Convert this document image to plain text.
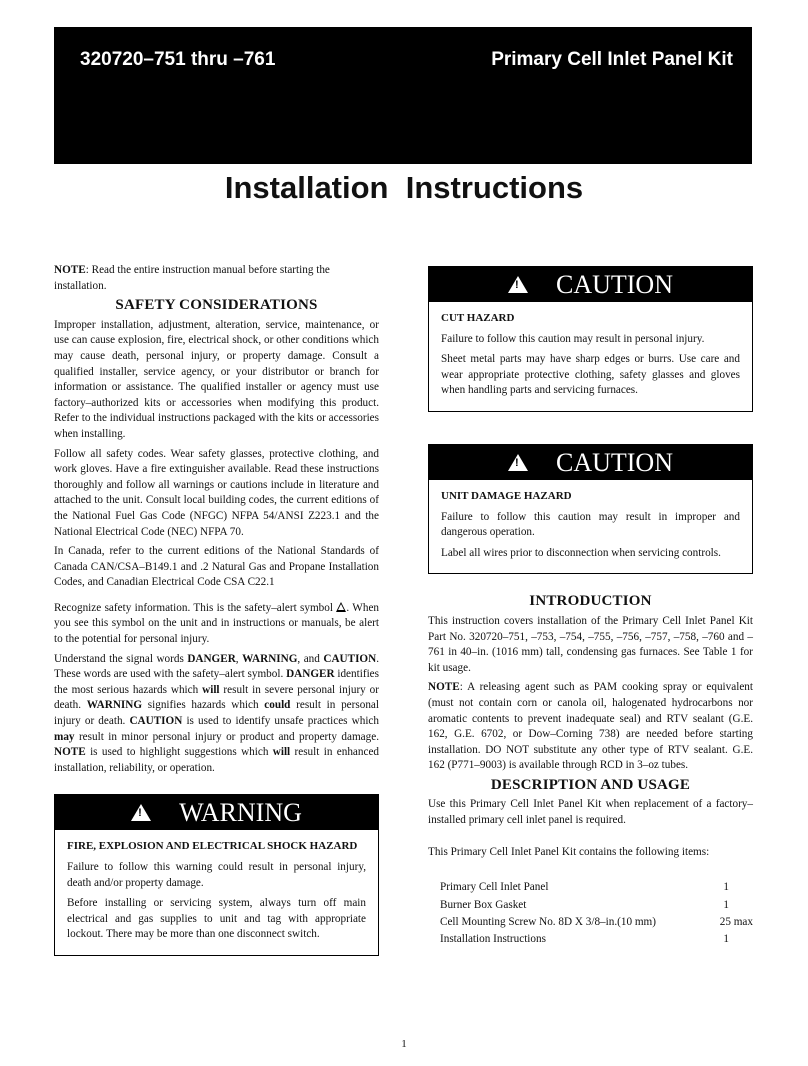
320720–751 thru –761	Primary Cell Inlet Panel Kit
Installation  Instructions

NOTE: Read the entire instruction manual before starting the installation.

SAFETY CONSIDERATIONS

Improper installation, adjustment, alteration, service, maintenance, or use can cause explosion, fire, electrical shock, or other conditions which may cause death, personal injury, or property damage. Consult a qualified installer, service agency, or your distributor or branch for information or assistance. The qualified installer or agency must use factory–authorized kits or accessories when modifying this product. Refer to the individual instructions packaged with the kits or accessories when installing.

Follow all safety codes. Wear safety glasses, protective clothing, and work gloves. Have a fire extinguisher available. Read these instructions thoroughly and follow all warnings or cautions include in literature and attached to the unit. Consult local building codes, the current editions of the National Fuel Gas Code (NFGC) NFPA 54/ANSI Z223.1 and the National Electrical Code (NEC) NFPA 70.

In Canada, refer to the current editions of the National Standards of Canada CAN/CSA–B149.1 and .2 Natural Gas and Propane Installation Codes, and Canadian Electrical Code CSA C22.1

Recognize safety information. This is the safety–alert symbol . When you see this symbol on the unit and in instructions or manuals, be alert to the potential for personal injury.

Understand the signal words DANGER, WARNING, and CAUTION. These words are used with the safety–alert symbol. DANGER identifies the most serious hazards which will result in severe personal injury or death. WARNING signifies hazards which could result in personal injury or death. CAUTION is used to identify unsafe practices which may result in minor personal injury or product and property damage. NOTE is used to highlight suggestions which will result in enhanced installation, reliability, or operation.

!
WARNING
FIRE, EXPLOSION AND ELECTRICAL SHOCK HAZARD

Failure to follow this warning could result in personal injury, death and/or property damage.

Before installing or servicing system, always turn off main electrical and gas supplies to unit and tag with appropriate lockout. There may be more than one disconnect switch.

!
CAUTION
CUT HAZARD

Failure to follow this caution may result in personal injury.

Sheet metal parts may have sharp edges or burrs. Use care and wear appropriate protective clothing, safety glasses and gloves when handling parts and servicing furnaces.

!
CAUTION
UNIT DAMAGE HAZARD

Failure to follow this caution may result in improper and dangerous operation.

Label all wires prior to disconnection when servicing controls.

INTRODUCTION

This instruction covers installation of the Primary Cell Inlet Panel Kit Part No. 320720–751, –753, –754, –755, –756, –757, –758, –760 and –761 in 40–in. (1016 mm) tall, condensing gas furnaces. See Table 1 for kit usage.

NOTE: A releasing agent such as PAM cooking spray or equivalent (must not contain corn or canola oil, halogenated hydrocarbons nor aromatic contents to prevent inadequate seal) and RTV sealant (G.E. 162, G.E. 6702, or Dow–Corning 738) are needed before starting installation. DO NOT substitute any other type of RTV sealant. G.E. 162 (P771–9003) is available through RCD in 3–oz tubes.

DESCRIPTION AND USAGE

Use this Primary Cell Inlet Panel Kit when replacement of a factory–installed primary cell inlet panel is required.

This Primary Cell Inlet Panel Kit contains the following items:

Primary Cell Inlet Panel	1
Burner Box Gasket	1
Cell Mounting Screw No. 8D X 3/8–in.(10 mm)	25 max
Installation Instructions	1
1
